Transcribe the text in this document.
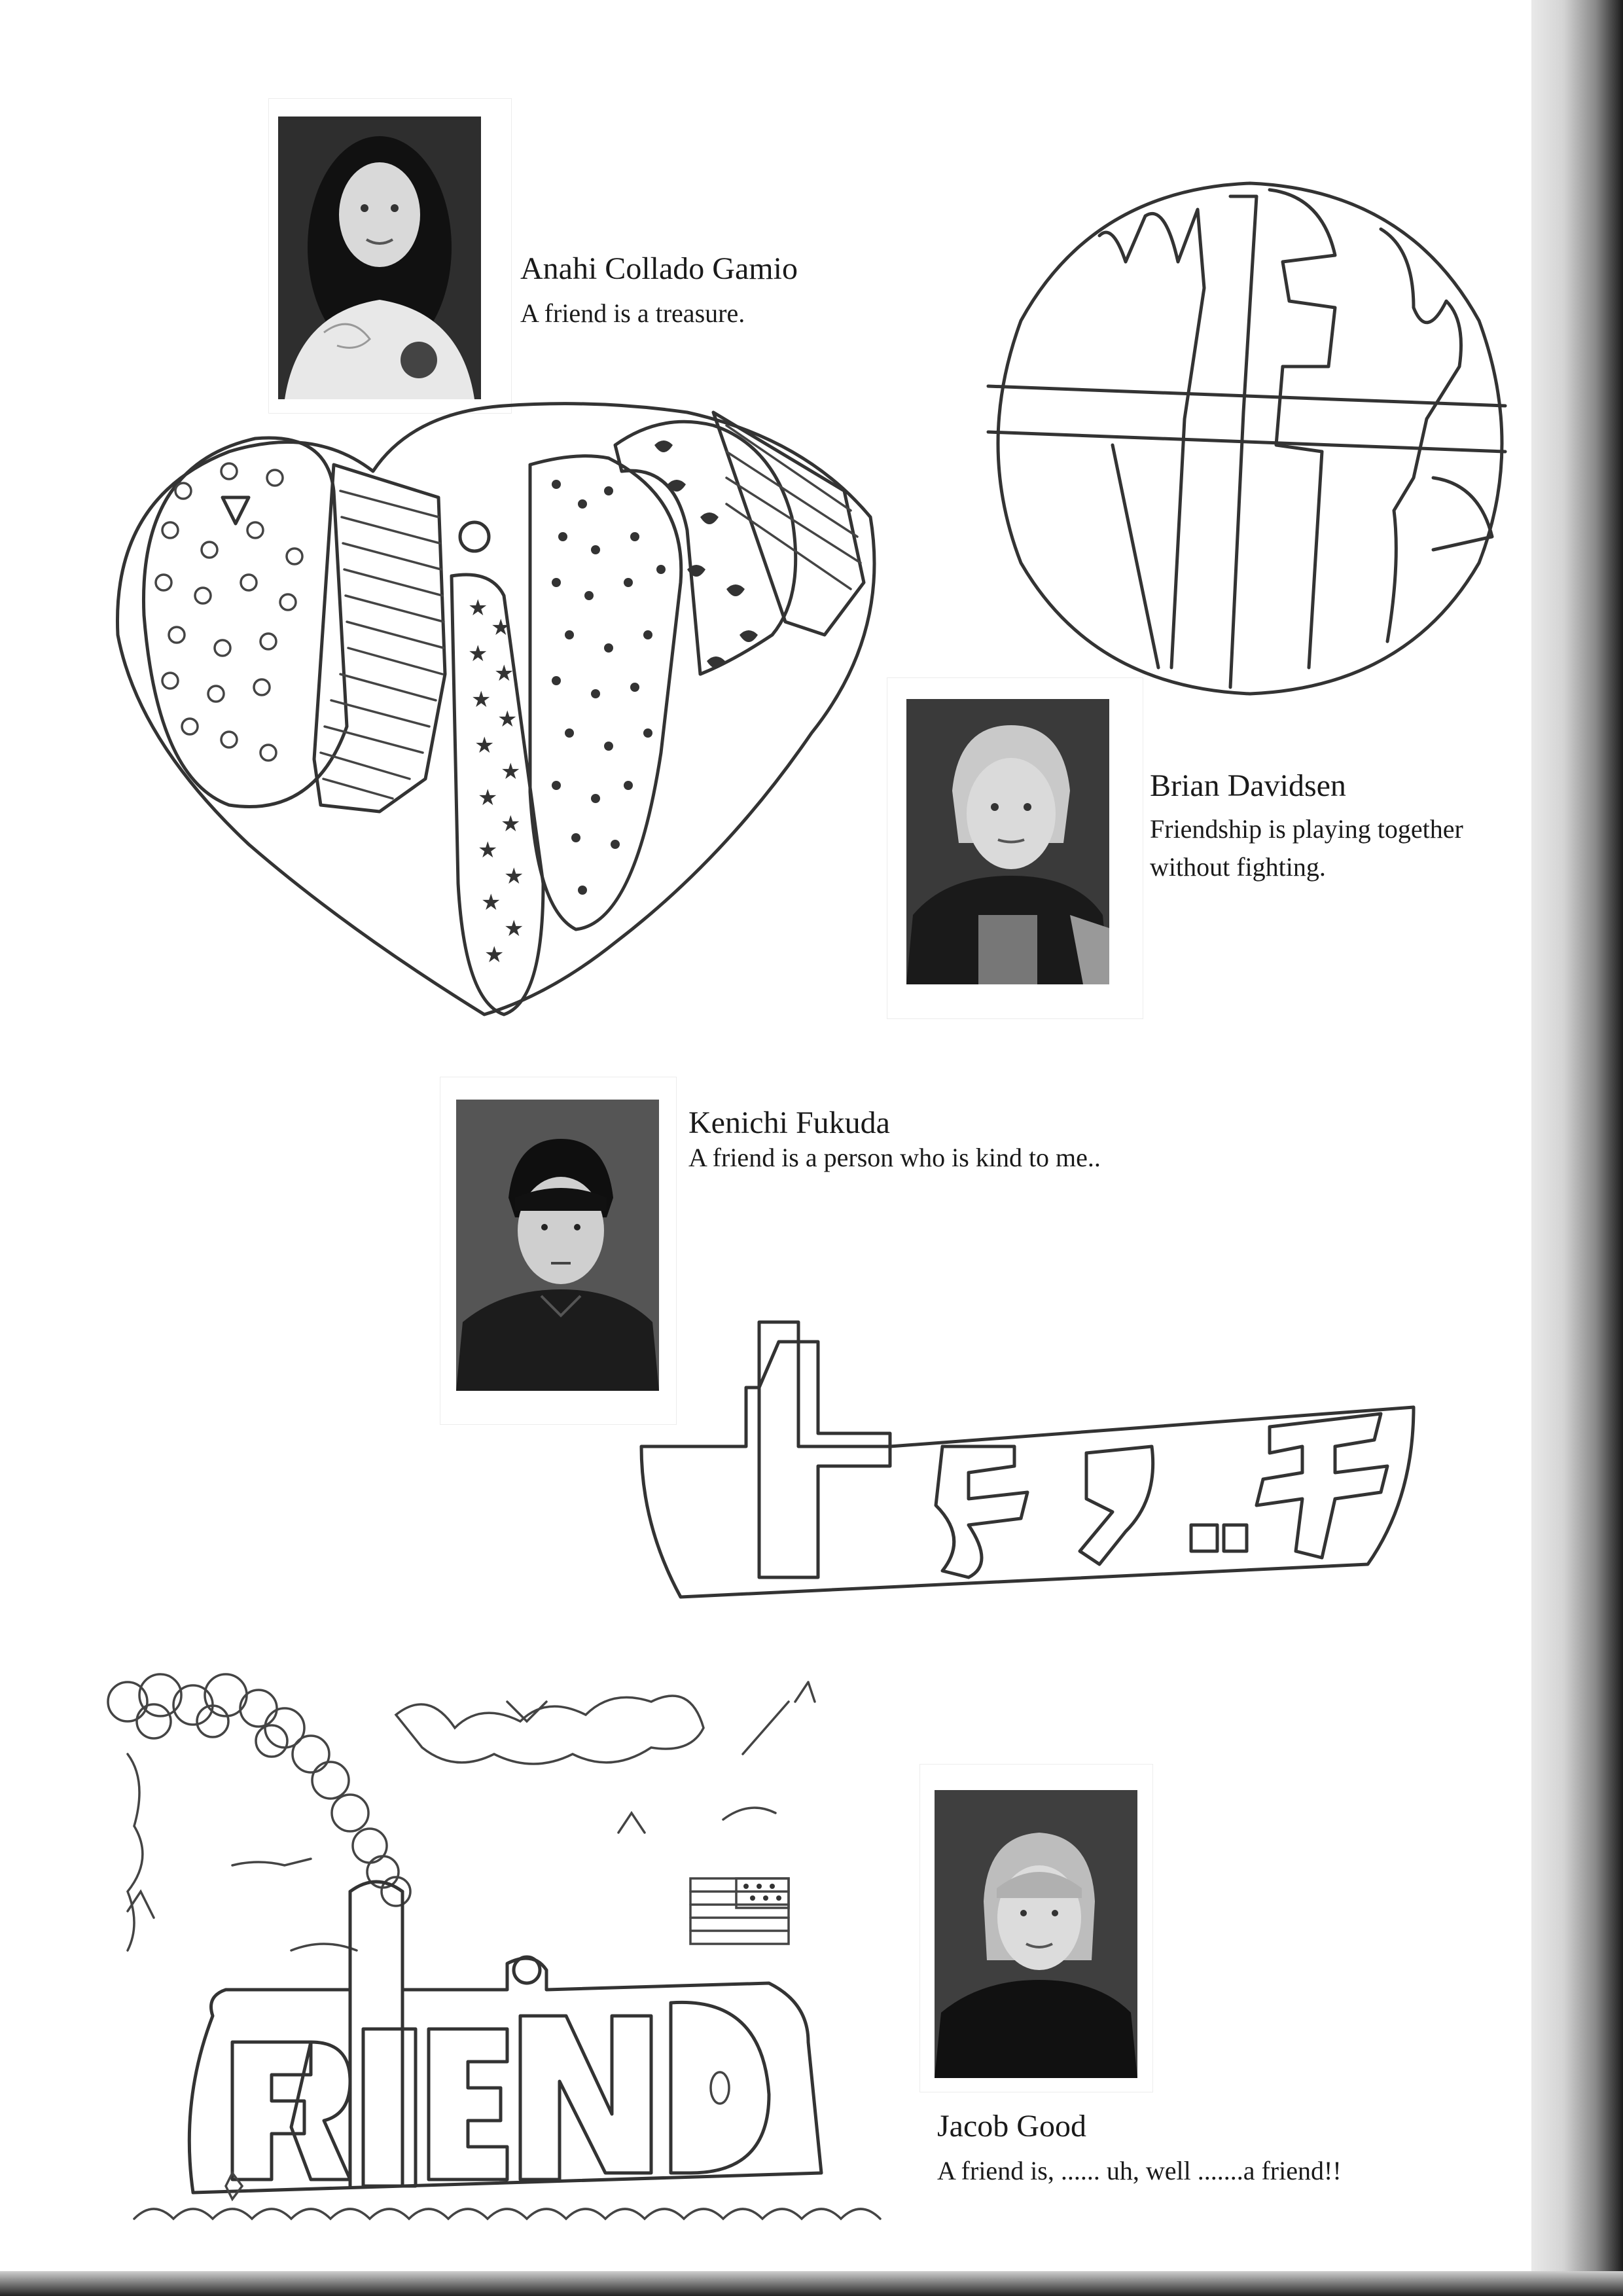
Anahi Collado Gamio
A friend is a treasure.
★
★
★
★
★
★
★
★
★
★
★
★
★
★
★
Brian Davidsen
Friendship is playing together
without fighting.
Kenichi Fukuda
A friend is a person who is kind to me..
Jacob Good
A friend is, ...... uh, well .......a friend!!
